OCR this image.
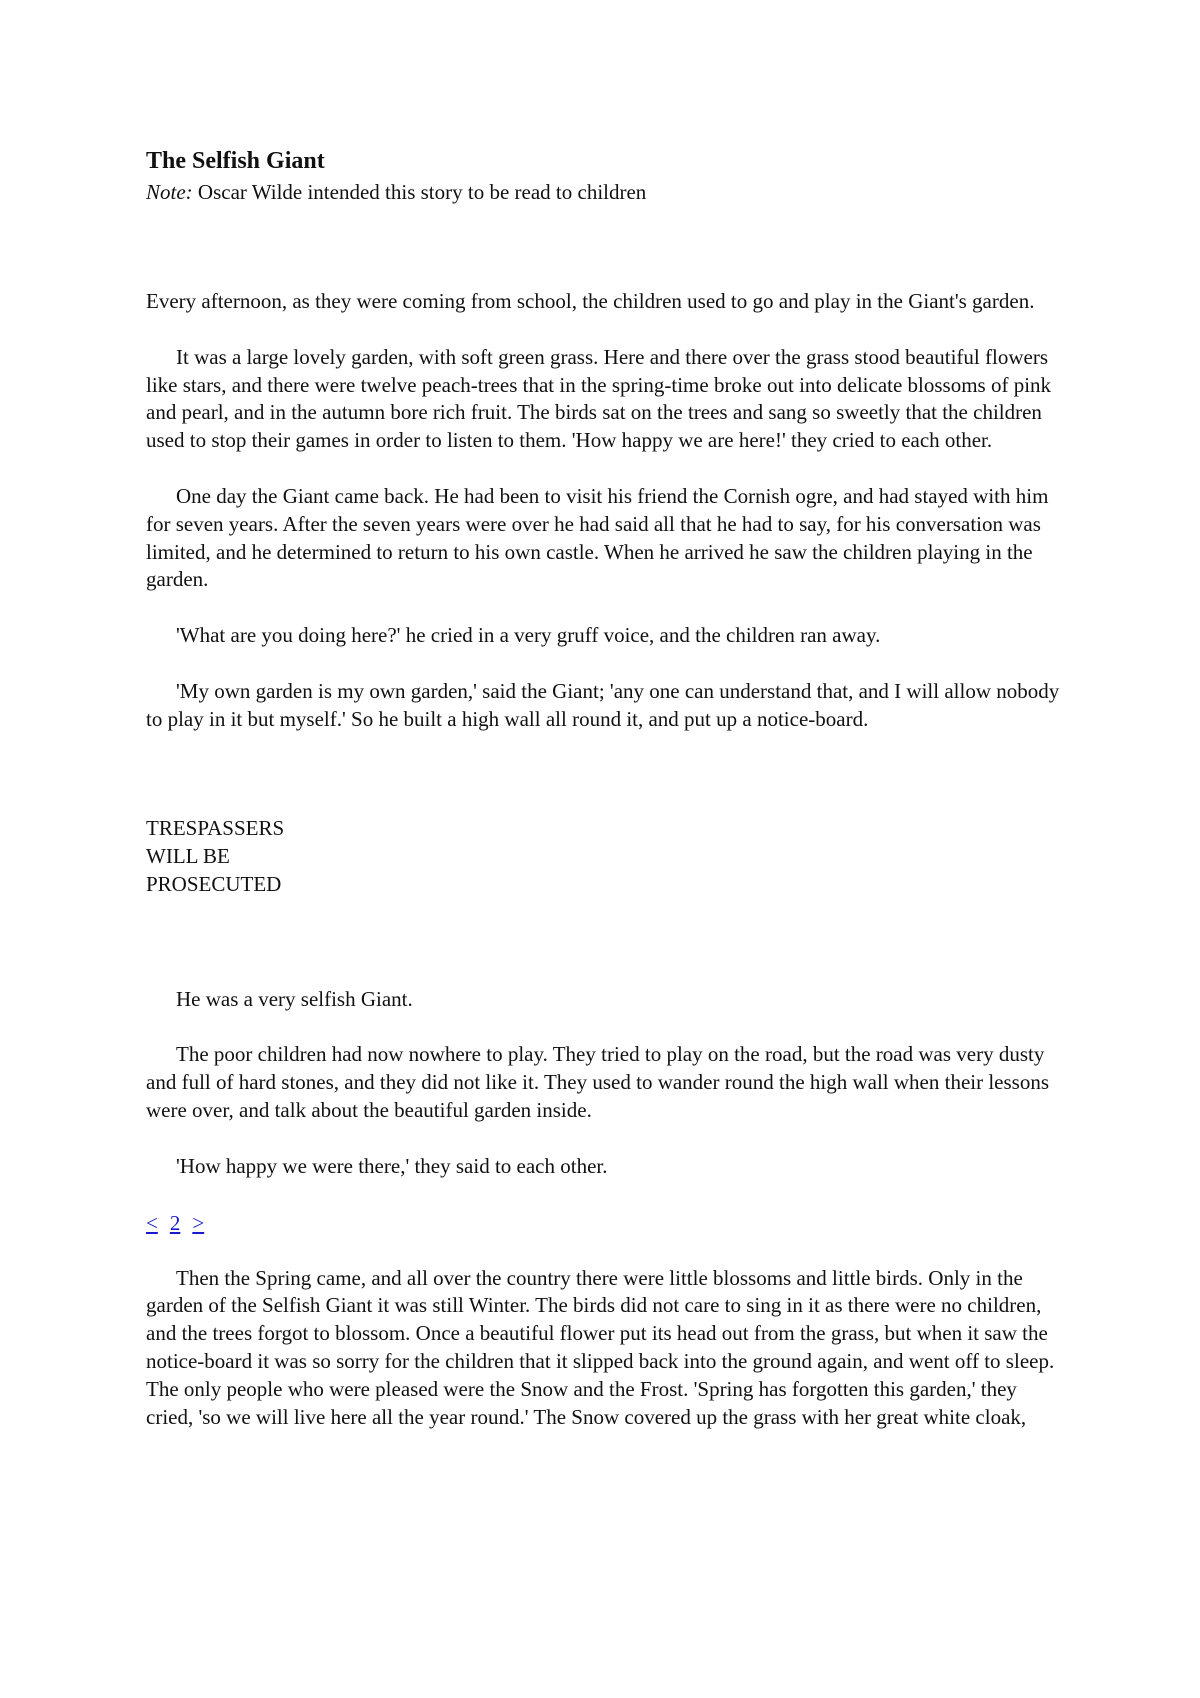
The Selfish Giant

Note: Oscar Wilde intended this story to be read to children

Every afternoon, as they were coming from school, the children used to go and play in the Giant's garden.

It was a large lovely garden, with soft green grass. Here and there over the grass stood beautiful flowers like stars, and there were twelve peach-trees that in the spring-time broke out into delicate blossoms of pink and pearl, and in the autumn bore rich fruit. The birds sat on the trees and sang so sweetly that the children used to stop their games in order to listen to them. 'How happy we are here!' they cried to each other.

One day the Giant came back. He had been to visit his friend the Cornish ogre, and had stayed with him for seven years. After the seven years were over he had said all that he had to say, for his conversation was limited, and he determined to return to his own castle. When he arrived he saw the children playing in the garden.

'What are you doing here?' he cried in a very gruff voice, and the children ran away.

'My own garden is my own garden,' said the Giant; 'any one can understand that, and I will allow nobody to play in it but myself.' So he built a high wall all round it, and put up a notice-board.

TRESPASSERS
WILL BE
PROSECUTED

He was a very selfish Giant.

The poor children had now nowhere to play. They tried to play on the road, but the road was very dusty and full of hard stones, and they did not like it. They used to wander round the high wall when their lessons were over, and talk about the beautiful garden inside.

'How happy we were there,' they said to each other.

< 2 >

Then the Spring came, and all over the country there were little blossoms and little birds. Only in the garden of the Selfish Giant it was still Winter. The birds did not care to sing in it as there were no children, and the trees forgot to blossom. Once a beautiful flower put its head out from the grass, but when it saw the notice-board it was so sorry for the children that it slipped back into the ground again, and went off to sleep. The only people who were pleased were the Snow and the Frost. 'Spring has forgotten this garden,' they cried, 'so we will live here all the year round.' The Snow covered up the grass with her great white cloak,
